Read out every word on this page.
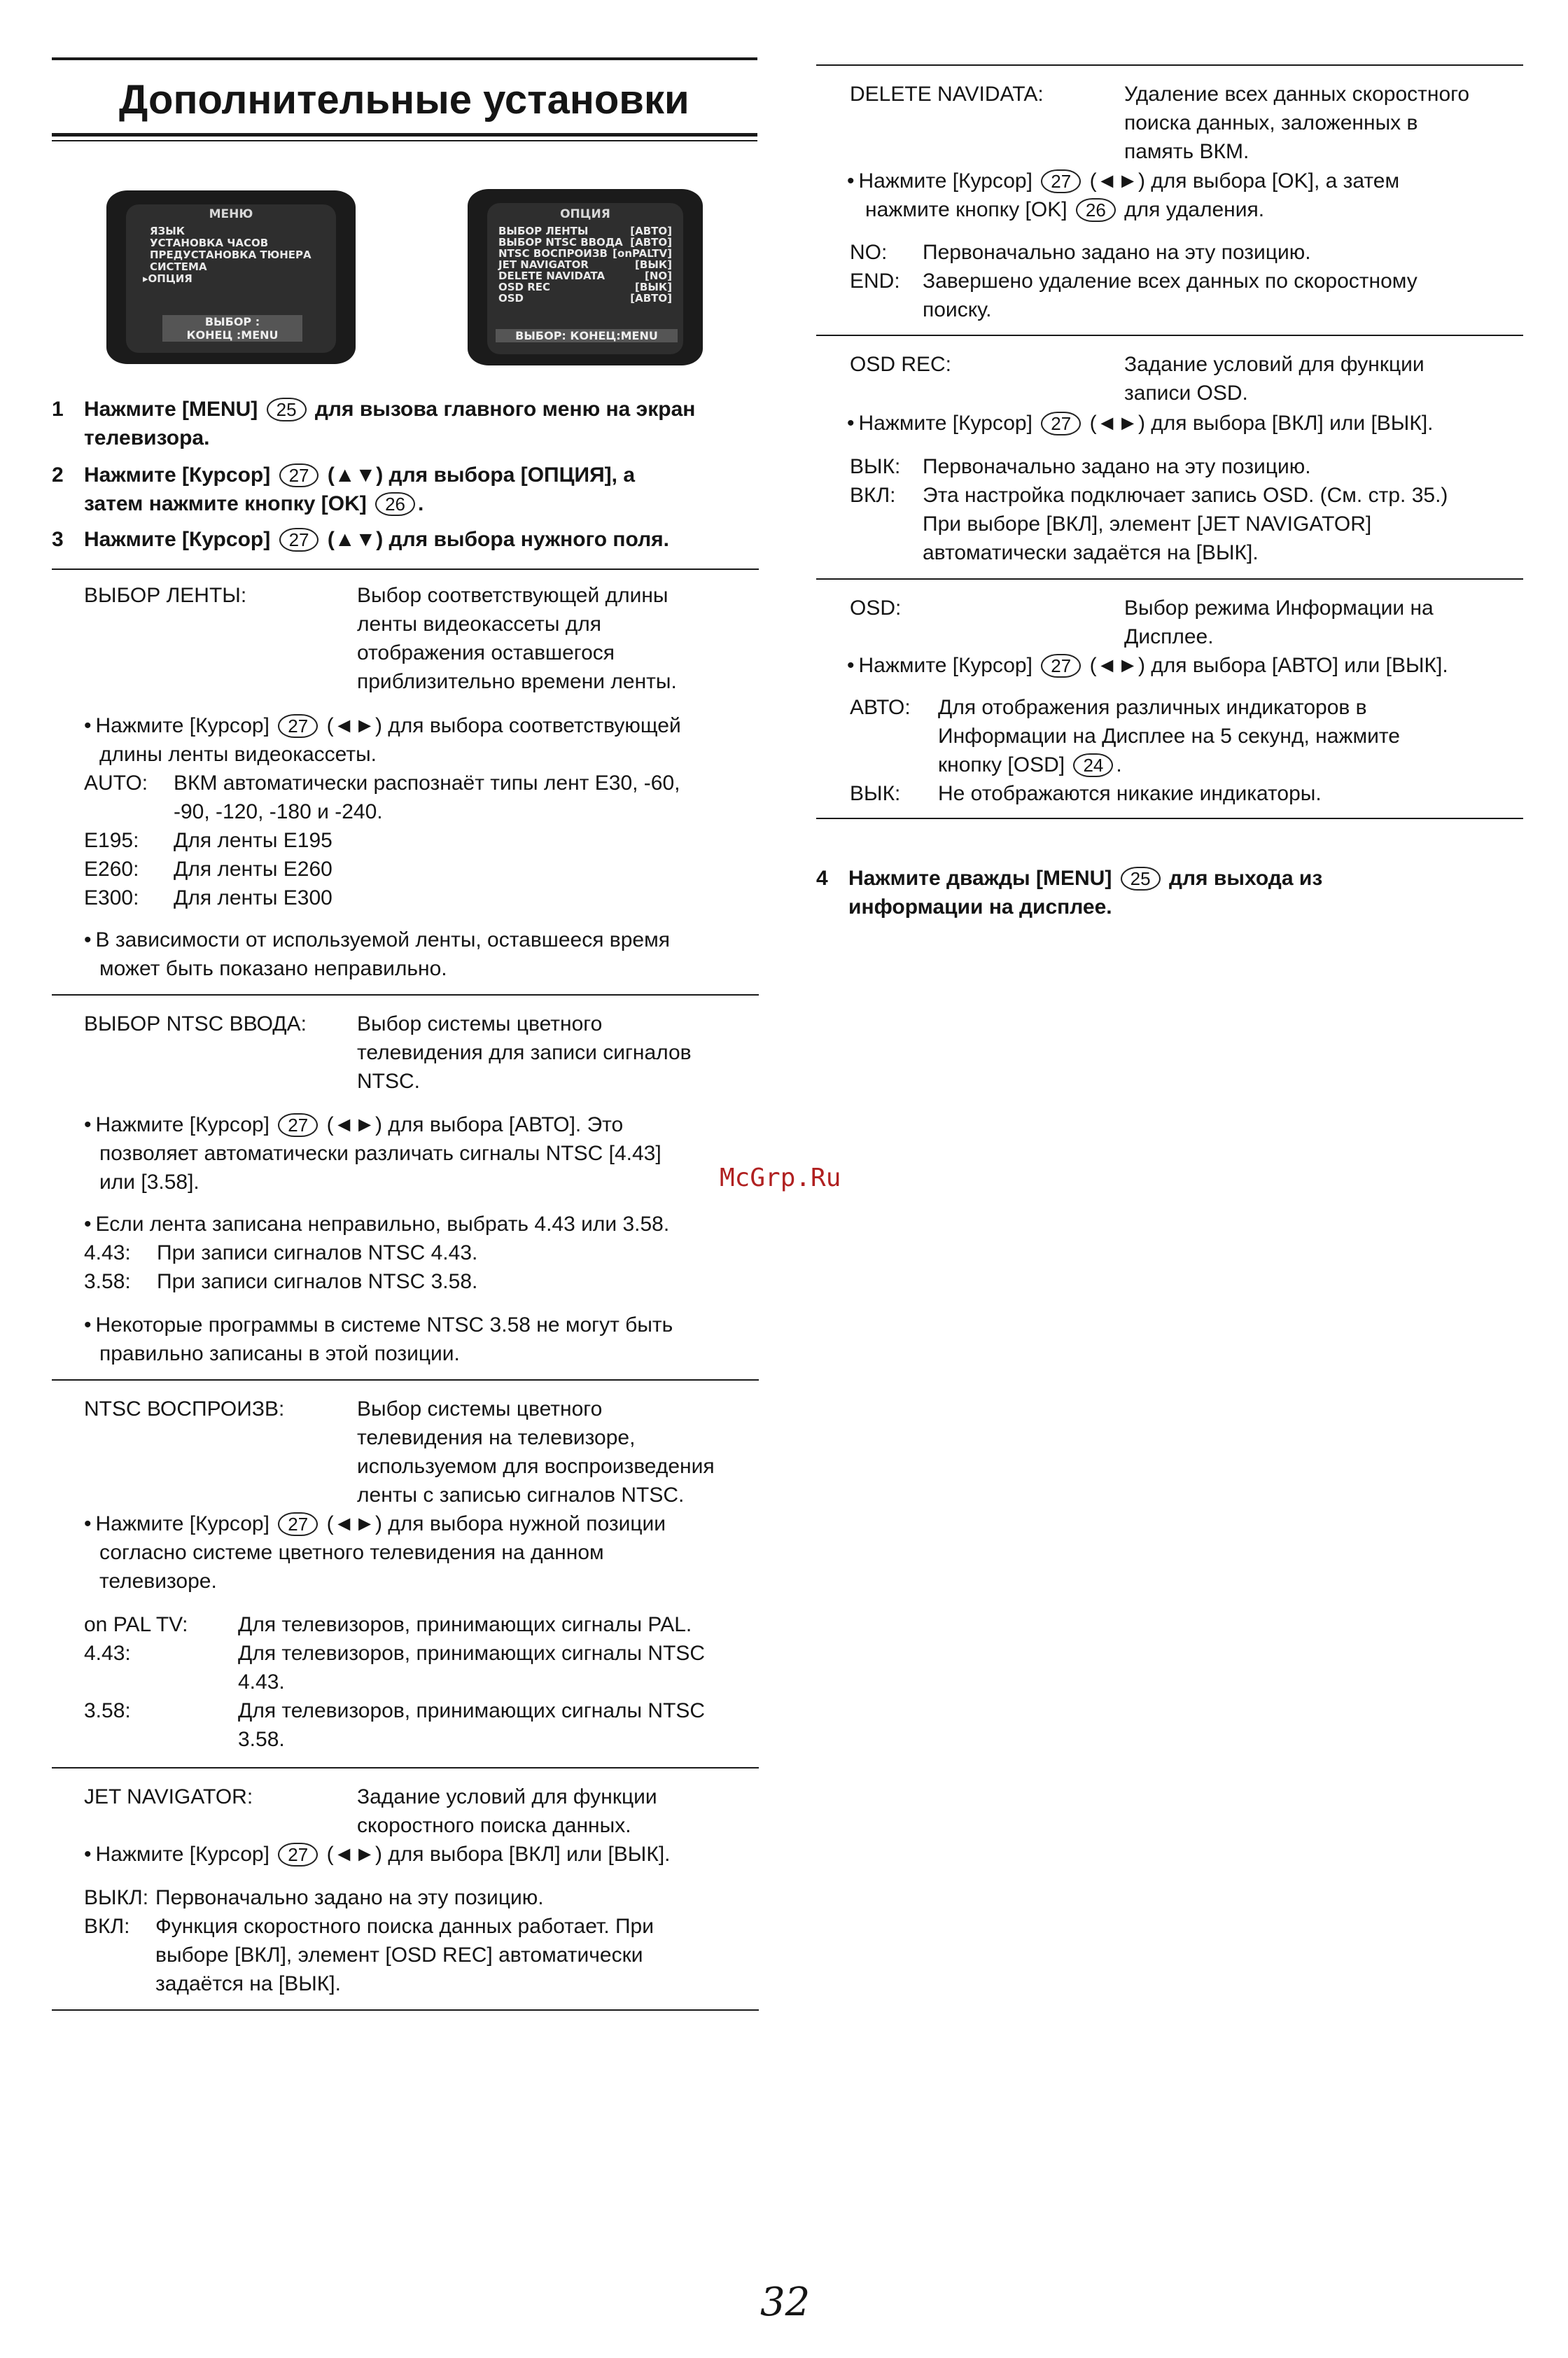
Дополнительные установки
МЕНЮ
ЯЗЫК
УСТАНОВКА ЧАСОВ
ПРЕДУСТАНОВКА ТЮНЕРА
СИСТЕМА
▸ОПЦИЯ
ВЫБОР :
КОНЕЦ :MENU
ОПЦИЯ
ВЫБОР: КОНЕЦ:MENU
ВЫБОР ЛЕНТЫ	[АВТО]
ВЫБОР NTSC ВВОДА [АВТО]
NTSC ВОСПРОИЗВ [onPALTV]
JET NAVIGATOR	[ВЫК]
DELETE NAVIDATA	[NO]
OSD REC	[ВЫК]
OSD	[АВТО]
1 Нажмите [MENU] 25 для вызова главного меню на экран
телевизора.
2 Нажмите [Курсор] 27 (▲▼) для выбора [ОПЦИЯ], а
затем нажмите кнопку [OK] 26 .
3 Нажмите [Курсор] 27 (▲▼) для выбора нужного поля.
ВЫБОР ЛЕНТЫ:	Выбор соответствующей длины
ленты видеокассеты для
отображения оставшегося
приблизительно времени ленты.
• Нажмите [Курсор] 27 (◄►) для выбора соответствующей
длины ленты видеокассеты.
AUTO: ВКМ автоматически распознаёт типы лент Е30, -60,
-90, -120, -180 и -240.
E195: Для ленты E195
E260: Для ленты E260
E300: Для ленты E300
• В зависимости от используемой ленты, оставшееся время
может быть показано неправильно.
ВЫБОР NTSC ВВОДА:	Выбор системы цветного
телевидения для записи сигналов
NTSC.
• Нажмите [Курсор] 27 (◄►) для выбора [АВТО]. Это
позволяет автоматически различать сигналы NTSC [4.43]
или [3.58].
• Если лента записана неправильно, выбрать 4.43 или 3.58.
4.43: При записи сигналов NTSC 4.43.
3.58: При записи сигналов NTSC 3.58.
• Некоторые программы в системе NTSC 3.58 не могут быть
правильно записаны в этой позиции.
NTSC ВОСПРОИЗВ:	Выбор системы цветного
телевидения на телевизоре,
используемом для воспроизведения
ленты с записью сигналов NTSC.
• Нажмите [Курсор] 27 (◄►) для выбора нужной позиции
согласно системе цветного телевидения на данном
телевизоре.
on PAL TV: Для телевизоров, принимающих сигналы PAL.
4.43:	Для телевизоров, принимающих сигналы NTSC
4.43.
3.58:	Для телевизоров, принимающих сигналы NTSC
3.58.
JET NAVIGATOR:	Задание условий для функции
скоростного поиска данных.
• Нажмите [Курсор] 27 (◄►) для выбора [ВКЛ] или [ВЫК].
ВЫКЛ: Первоначально задано на эту позицию.
ВКЛ: Функция скоростного поиска данных работает. При
выборе [ВКЛ], элемент [OSD REC] автоматически
задаётся на [ВЫК].
DELETE NAVIDATA:	Удаление всех данных скоростного
поиска данных, заложенных в
память ВКМ.
• Нажмите [Курсор] 27 (◄►) для выбора [OK], а затем
нажмите кнопку [OK] 26 для удаления.
NO: Первоначально задано на эту позицию.
END: Завершено удаление всех данных по скоростному
поиску.
OSD REC:	Задание условий для функции
записи OSD.
• Нажмите [Курсор] 27 (◄►) для выбора [ВКЛ] или [ВЫК].
ВЫК: Первоначально задано на эту позицию.
ВКЛ: Эта настройка подключает запись OSD. (См. стр. 35.)
При выборе [ВКЛ], элемент [JET NAVIGATOR]
автоматически задаётся на [ВЫК].
OSD:	Выбор режима Информации на
Дисплее.
• Нажмите [Курсор] 27 (◄►) для выбора [АВТО] или [ВЫК].
АВТО: Для отображения различных индикаторов в
Информации на Дисплее на 5 секунд, нажмите
кнопку [OSD] 24 .
ВЫК: Не отображаются никакие индикаторы.
4 Нажмите дважды [MENU] 25 для выхода из
информации на дисплее.
McGrp.Ru
32
